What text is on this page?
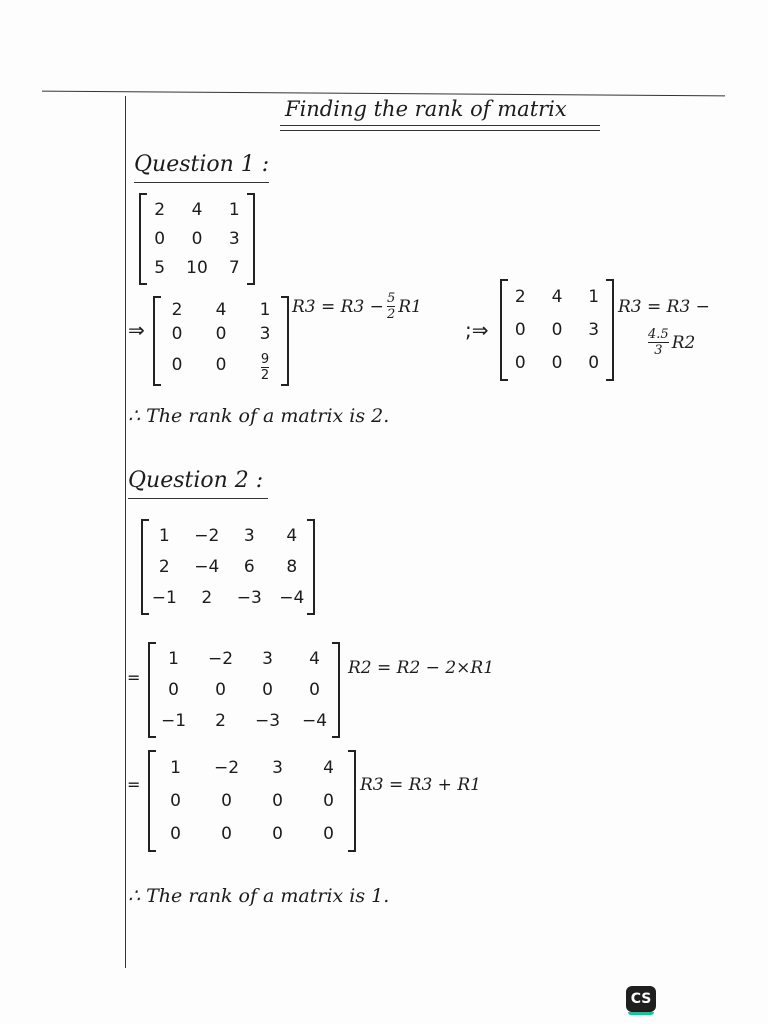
Finding the rank of matrix
Question 1 :
2 4 1
0 0 3
5 10 7
⇒
2 4 1
0 0 3
0 0	$\frac{9}{2}$
$R3 = R3 - \frac{5}{2} R1$
;⇒
2 4 1
0 0 3
0 0 0
R3 = R3 −
$\frac{4.5}{3} R2$
∴ The rank of a matrix is 2.
Question 2 :
1 −2 3 4
2 −4 6 8
−1 2 −3 −4
=
1 −2 3 4
0 0 0 0
−1 2 −3 −4
R2 = R2 − 2×R1
=
1 −2 3 4
0 0 0 0
0 0 0 0
R3 = R3 + R1
∴ The rank of a matrix is 1.
CS
